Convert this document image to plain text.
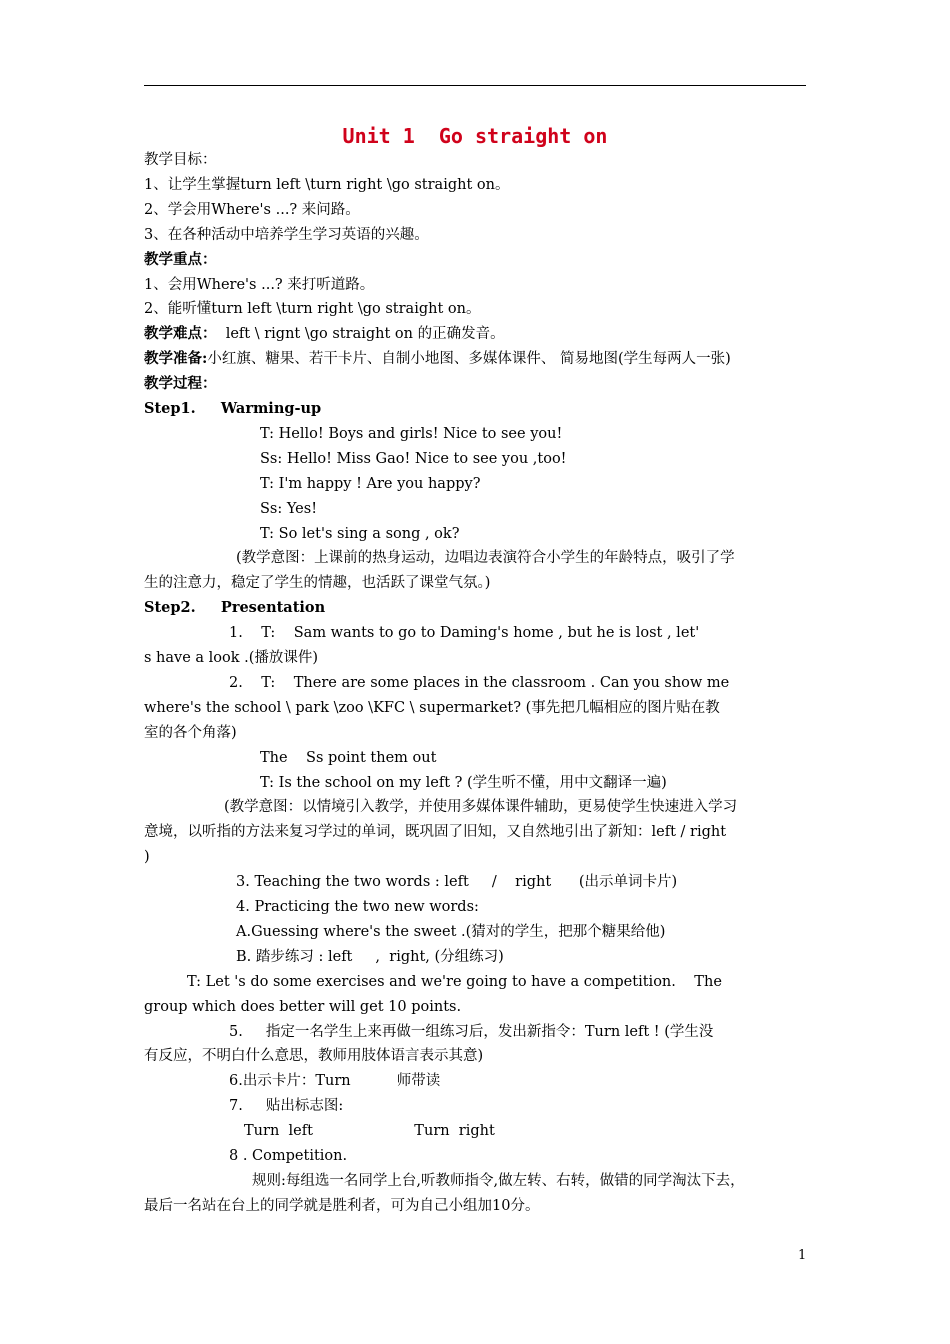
Unit 1  Go straight on
教学目标：
1、让学生掌握turn left \turn right \go straight on。
2、学会用Where's ...? 来问路。
3、在各种活动中培养学生学习英语的兴趣。
教学重点：
1、会用Where's ...? 来打听道路。
2、能听懂turn left \turn right \go straight on。
教学难点：  left \ rignt \go straight on 的正确发音。
教学准备:小红旗、糖果、若干卡片、自制小地图、多媒体课件、 简易地图(学生每两人一张)
教学过程：
Step1.     Warming-up
T: Hello! Boys and girls! Nice to see you!
Ss: Hello! Miss Gao! Nice to see you ,too!
T: I'm happy ! Are you happy?
Ss: Yes!
T: So let's sing a song , ok?
(教学意图：上课前的热身运动，边唱边表演符合小学生的年龄特点，吸引了学
生的注意力，稳定了学生的情趣，也活跃了课堂气氛。)
Step2.     Presentation
1.    T:    Sam wants to go to Daming's home , but he is lost , let'
s have a look .(播放课件)
2.    T:    There are some places in the classroom . Can you show me
where's the school \ park \zoo \KFC \ supermarket? (事先把几幅相应的图片贴在教
室的各个角落)
The    Ss point them out
T: Is the school on my left ? (学生听不懂，用中文翻译一遍)
(教学意图：以情境引入教学，并使用多媒体课件辅助，更易使学生快速进入学习
意境，以听指的方法来复习学过的单词，既巩固了旧知，又自然地引出了新知：left / right
)
3. Teaching the two words : left     /    right      (出示单词卡片)
4. Practicing the two new words:
A.Guessing where's the sweet .(猜对的学生，把那个糖果给他)
B. 踏步练习 : left     ,  right, (分组练习)
T: Let 's do some exercises and we're going to have a competition.    The
group which does better will get 10 points.
5.     指定一名学生上来再做一组练习后，发出新指令：Turn left ! (学生没
有反应，不明白什么意思，教师用肢体语言表示其意)
6.出示卡片：Turn          师带读
7.     贴出标志图:
Turn  left                      Turn  right
8 . Competition.
规则:每组选一名同学上台,听教师指令,做左转、右转，做错的同学淘汰下去，
最后一名站在台上的同学就是胜利者，可为自己小组加10分。
1
